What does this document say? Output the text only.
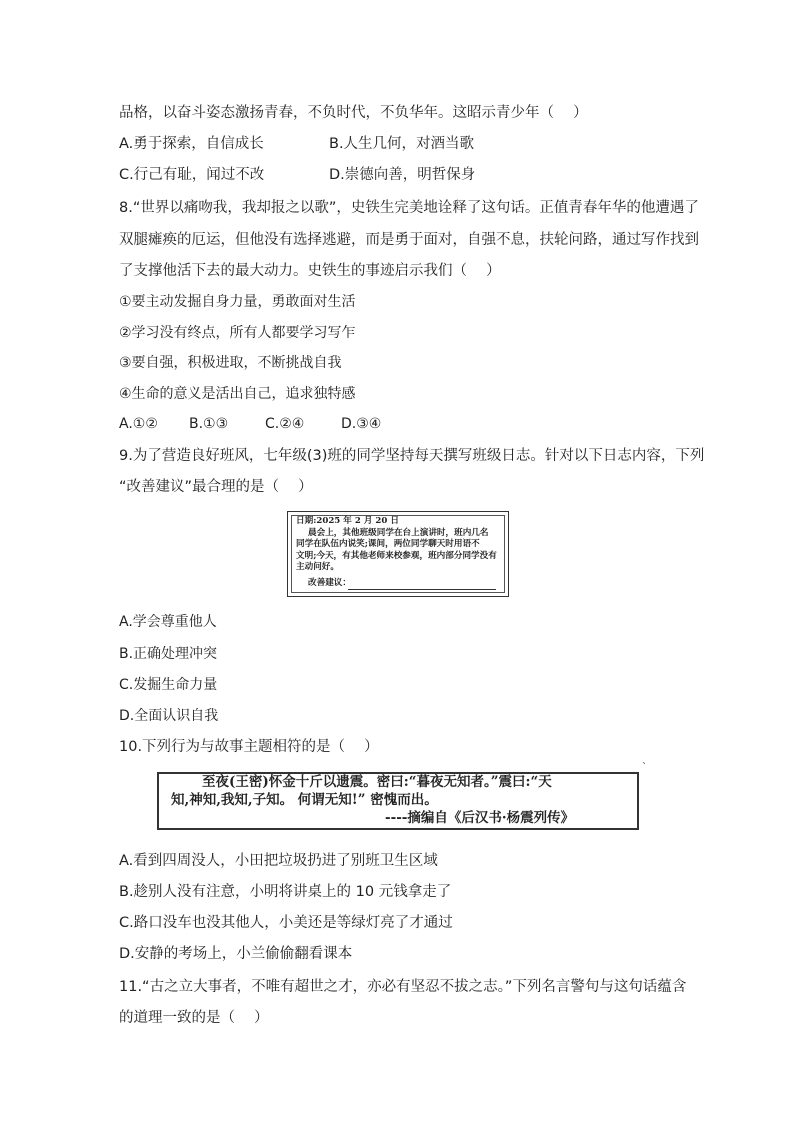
品格，以奋斗姿态激扬青春，不负时代，不负华年。这昭示青少年（　 ）
A.勇于探索，自信成长	B.人生几何，对酒当歌
C.行己有耻，闻过不改	D.崇德向善，明哲保身
8.“世界以痛吻我，我却报之以歌”，史铁生完美地诠释了这句话。正值青春年华的他遭遇了
双腿瘫痪的厄运，但他没有选择逃避，而是勇于面对，自强不息，扶轮问路，通过写作找到
了支撑他活下去的最大动力。史铁生的事迹启示我们（　 ）
①要主动发掘自身力量，勇敢面对生活
②学习没有终点，所有人都要学习写乍
③要自强，积极进取，不断挑战自我
④生命的意义是活出自己，追求独特感
A.①② B.①③	C.②④	D.③④
9.为了营造良好班风，七年级(3)班的同学坚持每天撰写班级日志。针对以下日志内容，下列
“改善建议”最合理的是（　 ）
日期:2025 年 2 月 20 日
晨会上，其他班级同学在台上演讲时，班内几名
同学在队伍内说笑;课间，两位同学聊天时用语不
文明;今天，有其他老师来校参观，班内部分同学没有
主动问好。
改善建议：
A.学会尊重他人
B.正确处理冲突
C.发掘生命力量
D.全面认识自我
10.下列行为与故事主题相符的是（　 ）
ˋ
至夜(王密)怀金十斤以遗震。密曰:“暮夜无知者。”震曰:“天
知,神知,我知,子知。 何谓无知!” 密愧而出。
----摘编自《后汉书·杨震列传》
A.看到四周没人，小田把垃圾扔进了别班卫生区域
B.趁别人没有注意，小明将讲桌上的 10 元钱拿走了
C.路口没车也没其他人，小美还是等绿灯亮了才通过
D.安静的考场上，小兰偷偷翻看课本
11.“古之立大事者，不唯有超世之才，亦必有坚忍不拔之志。”下列名言警句与这句话蕴含
的道理一致的是（　 ）
